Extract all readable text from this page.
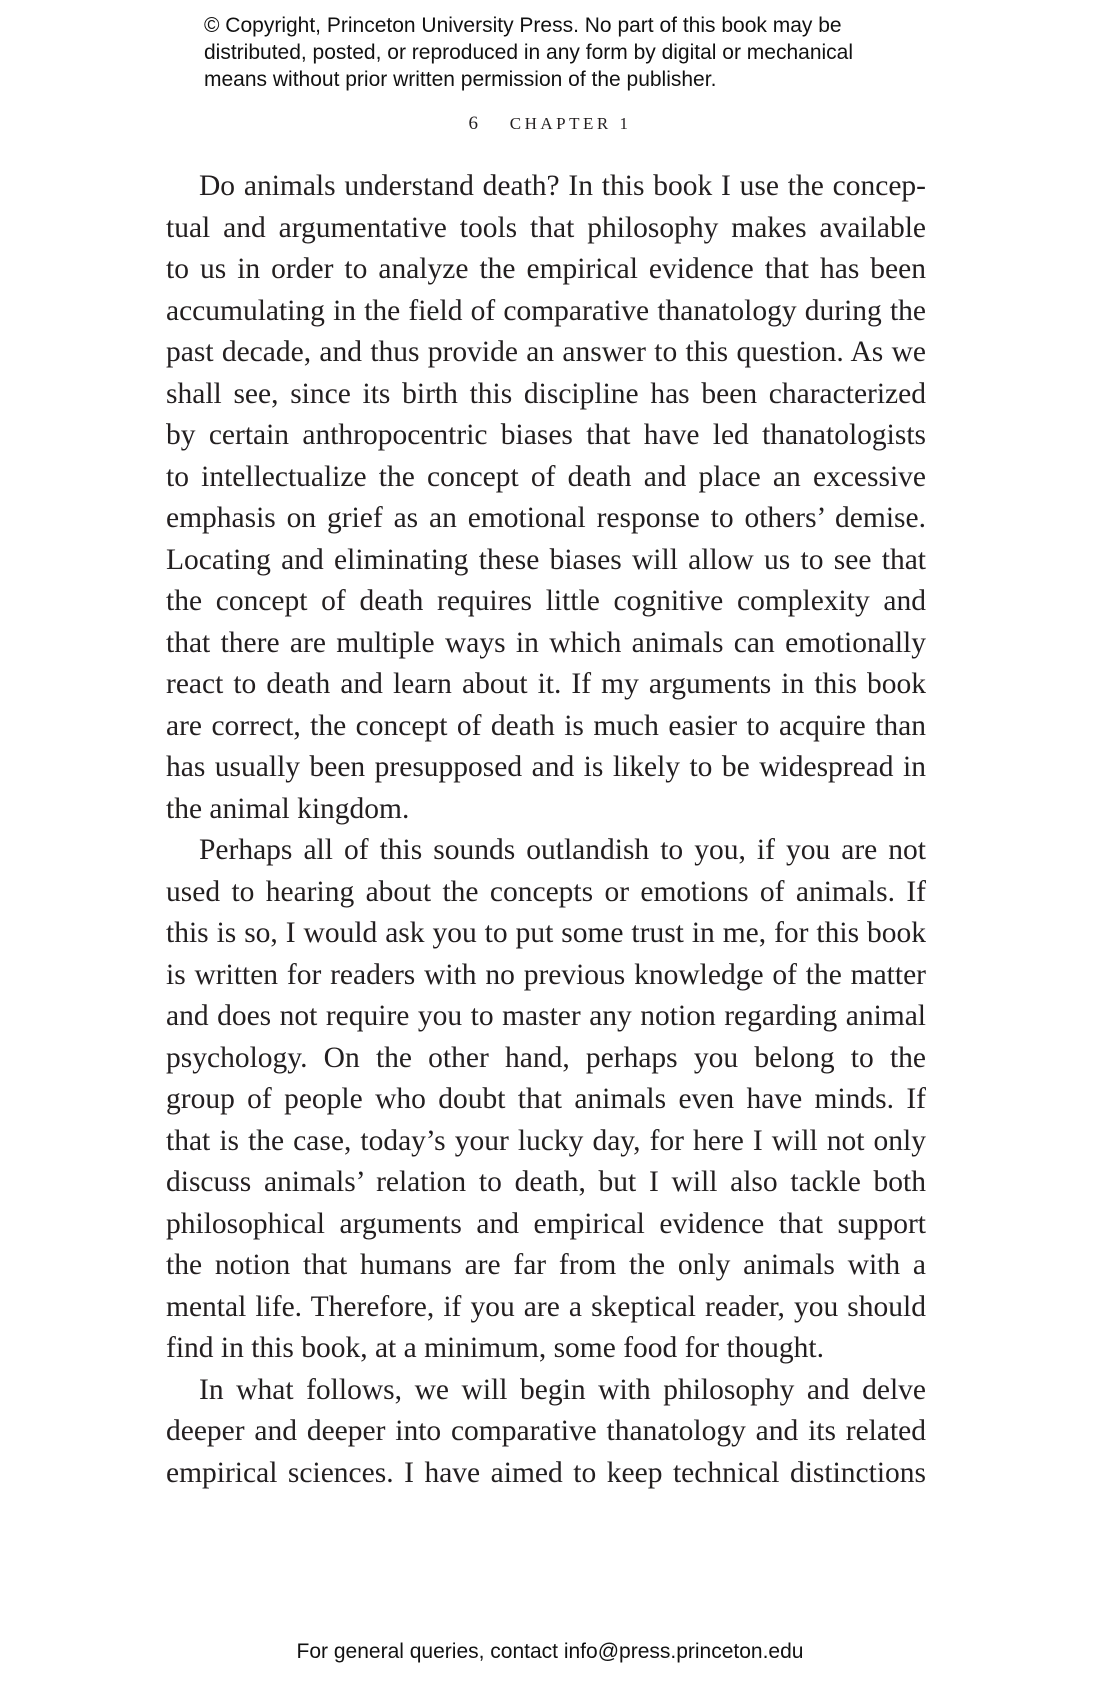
© Copyright, Princeton University Press. No part of this book may be
distributed, posted, or reproduced in any form by digital or mechanical
means without prior written permission of the publisher.
6 CHAPTER 1
Do animals understand death? In this book I use the concep-
tual and argumentative tools that philosophy makes available
to us in order to analyze the empirical evidence that has been
accumulating in the field of comparative thanatology during the
past decade, and thus provide an answer to this question. As we
shall see, since its birth this discipline has been characterized
by certain anthropocentric biases that have led thanatologists
to intellectualize the concept of death and place an excessive
emphasis on grief as an emotional response to others’ demise.
Locating and eliminating these biases will allow us to see that
the concept of death requires little cognitive complexity and
that there are multiple ways in which animals can emotionally
react to death and learn about it. If my arguments in this book
are correct, the concept of death is much easier to acquire than
has usually been presupposed and is likely to be widespread in
the animal kingdom.
Perhaps all of this sounds outlandish to you, if you are not
used to hearing about the concepts or emotions of animals. If
this is so, I would ask you to put some trust in me, for this book
is written for readers with no previous knowledge of the matter
and does not require you to master any notion regarding animal
psychology. On the other hand, perhaps you belong to the
group of people who doubt that animals even have minds. If
that is the case, today’s your lucky day, for here I will not only
discuss animals’ relation to death, but I will also tackle both
philosophical arguments and empirical evidence that support
the notion that humans are far from the only animals with a
mental life. Therefore, if you are a skeptical reader, you should
find in this book, at a minimum, some food for thought.
In what follows, we will begin with philosophy and delve
deeper and deeper into comparative thanatology and its related
empirical sciences. I have aimed to keep technical distinctions
For general queries, contact info@press.princeton.edu
